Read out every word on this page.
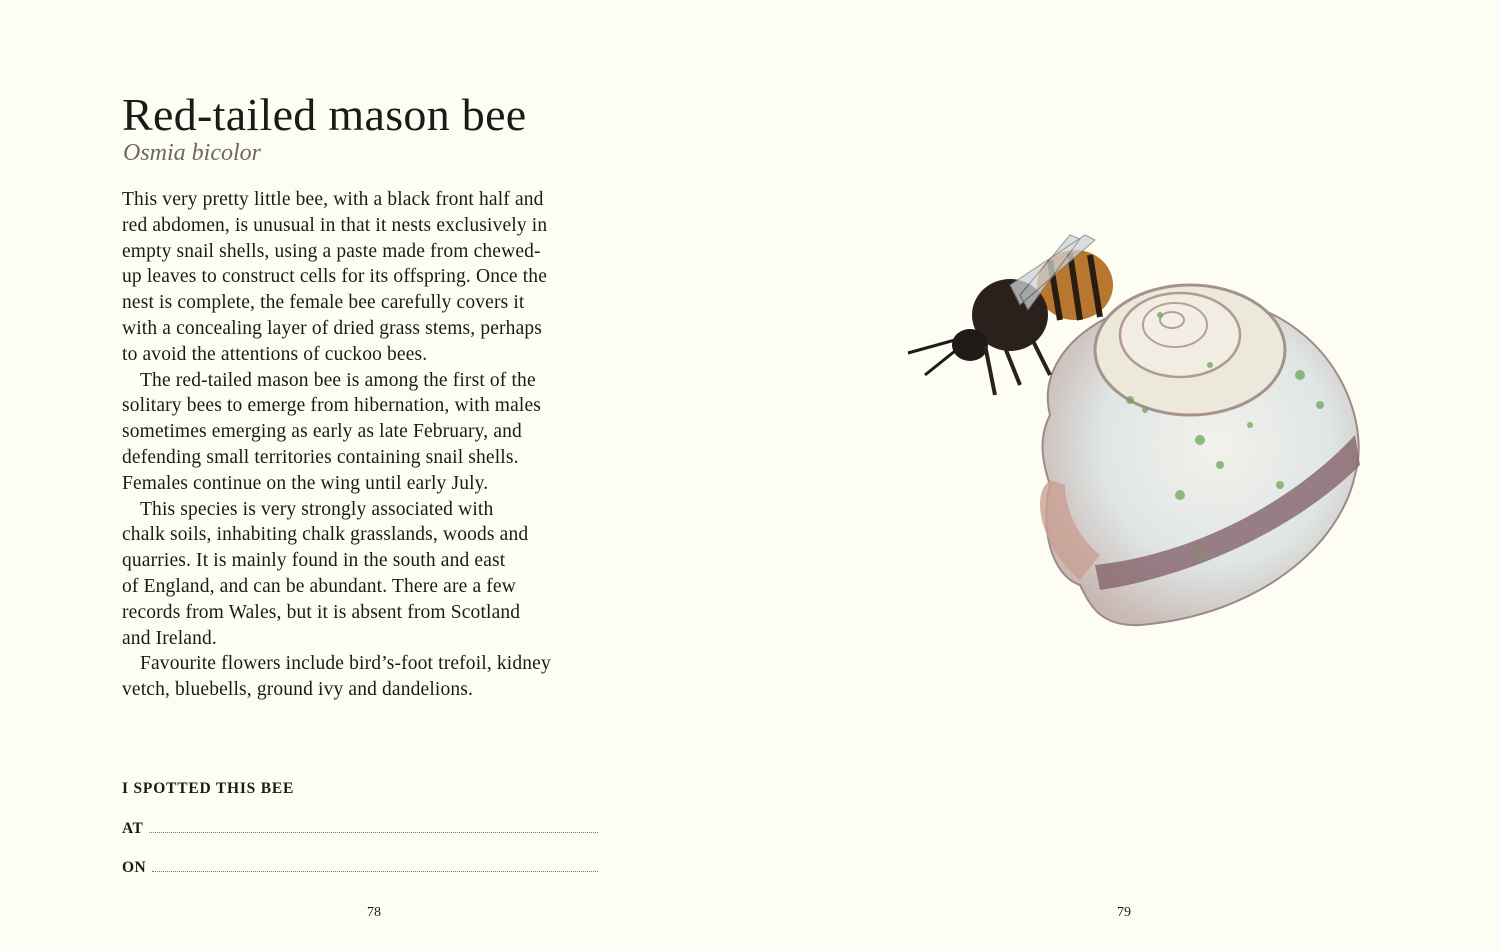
Red-tailed mason bee
Osmia bicolor
This very pretty little bee, with a black front half and
red abdomen, is unusual in that it nests exclusively in
empty snail shells, using a paste made from chewed-
up leaves to construct cells for its offspring. Once the
nest is complete, the female bee carefully covers it
with a concealing layer of dried grass stems, perhaps
to avoid the attentions of cuckoo bees.
The red-tailed mason bee is among the first of the
solitary bees to emerge from hibernation, with males
sometimes emerging as early as late February, and
defending small territories containing snail shells.
Females continue on the wing until early July.
This species is very strongly associated with
chalk soils, inhabiting chalk grasslands, woods and
quarries. It is mainly found in the south and east
of England, and can be abundant. There are a few
records from Wales, but it is absent from Scotland
and Ireland.
Favourite flowers include bird’s-foot trefoil, kidney
vetch, bluebells, ground ivy and dandelions.
I SPOTTED THIS BEE
AT
ON
78	79
